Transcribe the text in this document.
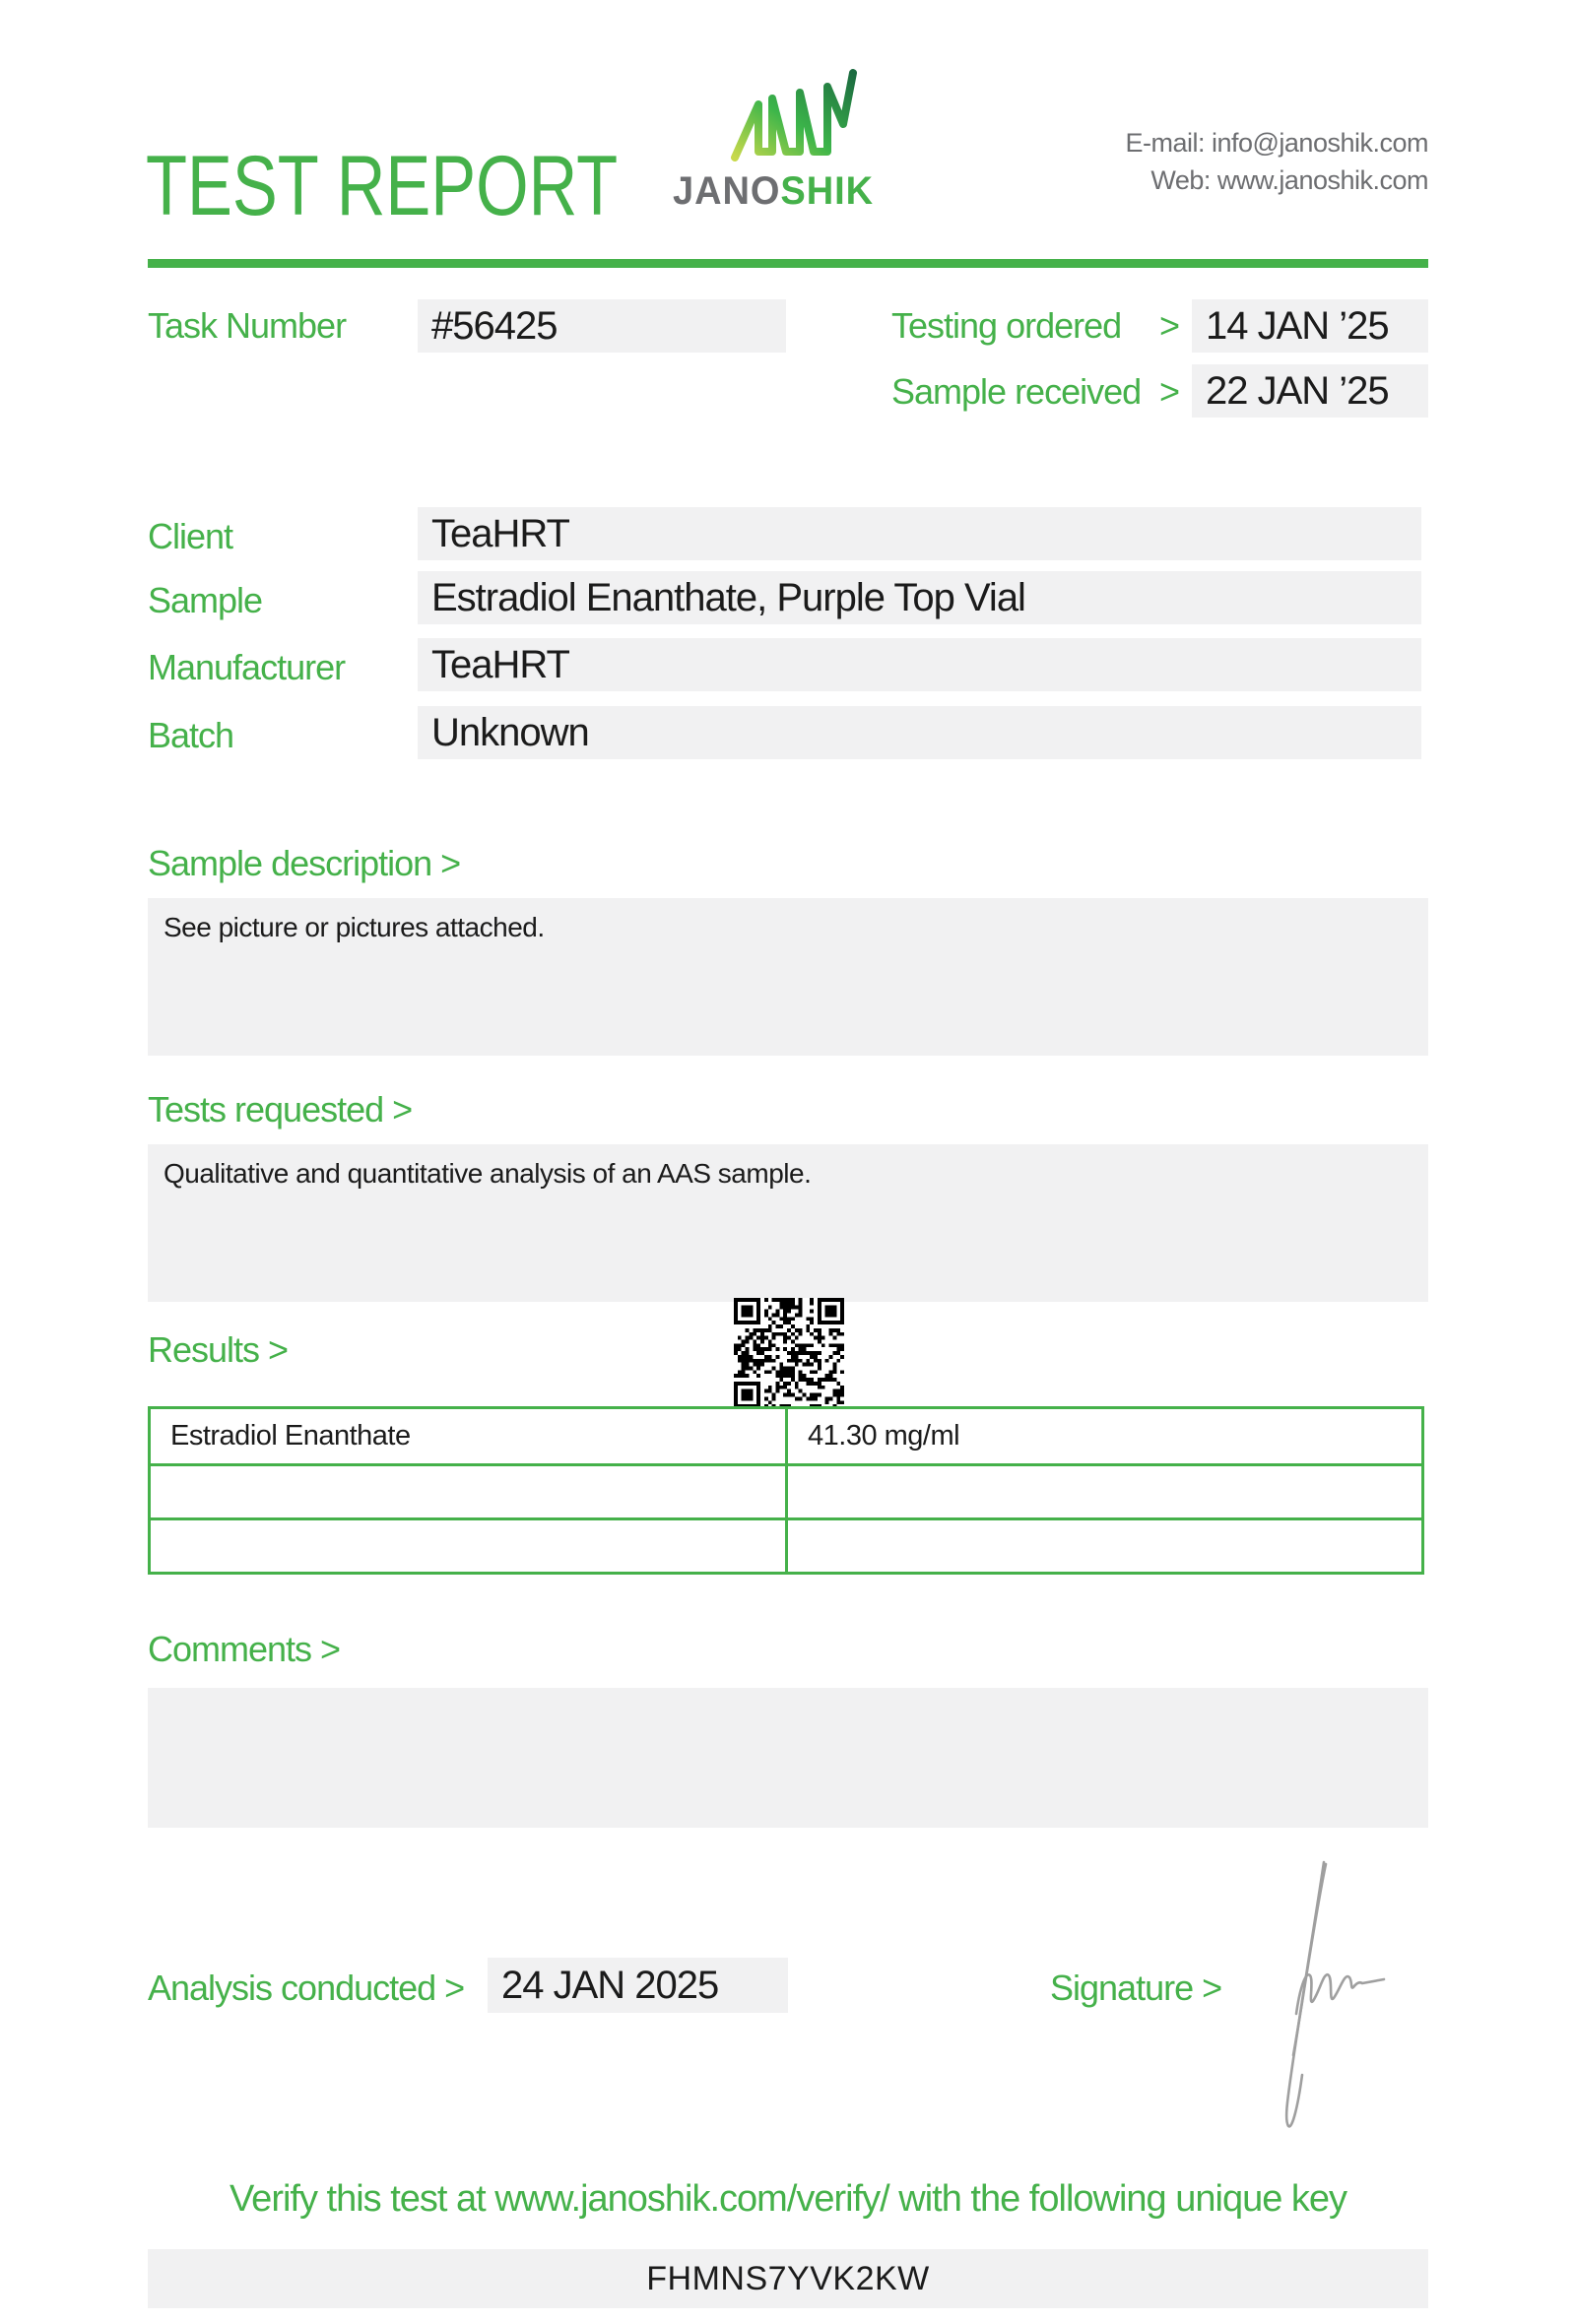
TEST REPORT	JANOSHIK
E-mail: info@janoshik.com
Web: www.janoshik.com
Task Number #56425	Testing ordered > 14 JAN ’25
Sample received > 22 JAN ’25
Client	TeaHRT
Sample	Estradiol Enanthate, Purple Top Vial
Manufacturer TeaHRT
Batch	Unknown
Sample description >
See picture or pictures attached.
Tests requested >
Qualitative and quantitative analysis of an AAS sample.
Results >
Estradiol Enanthate	41.30 mg/ml
Comments >
Analysis conducted > 24 JAN 2025	Signature >
Verify this test at www.janoshik.com/verify/ with the following unique key
FHMNS7YVK2KW
